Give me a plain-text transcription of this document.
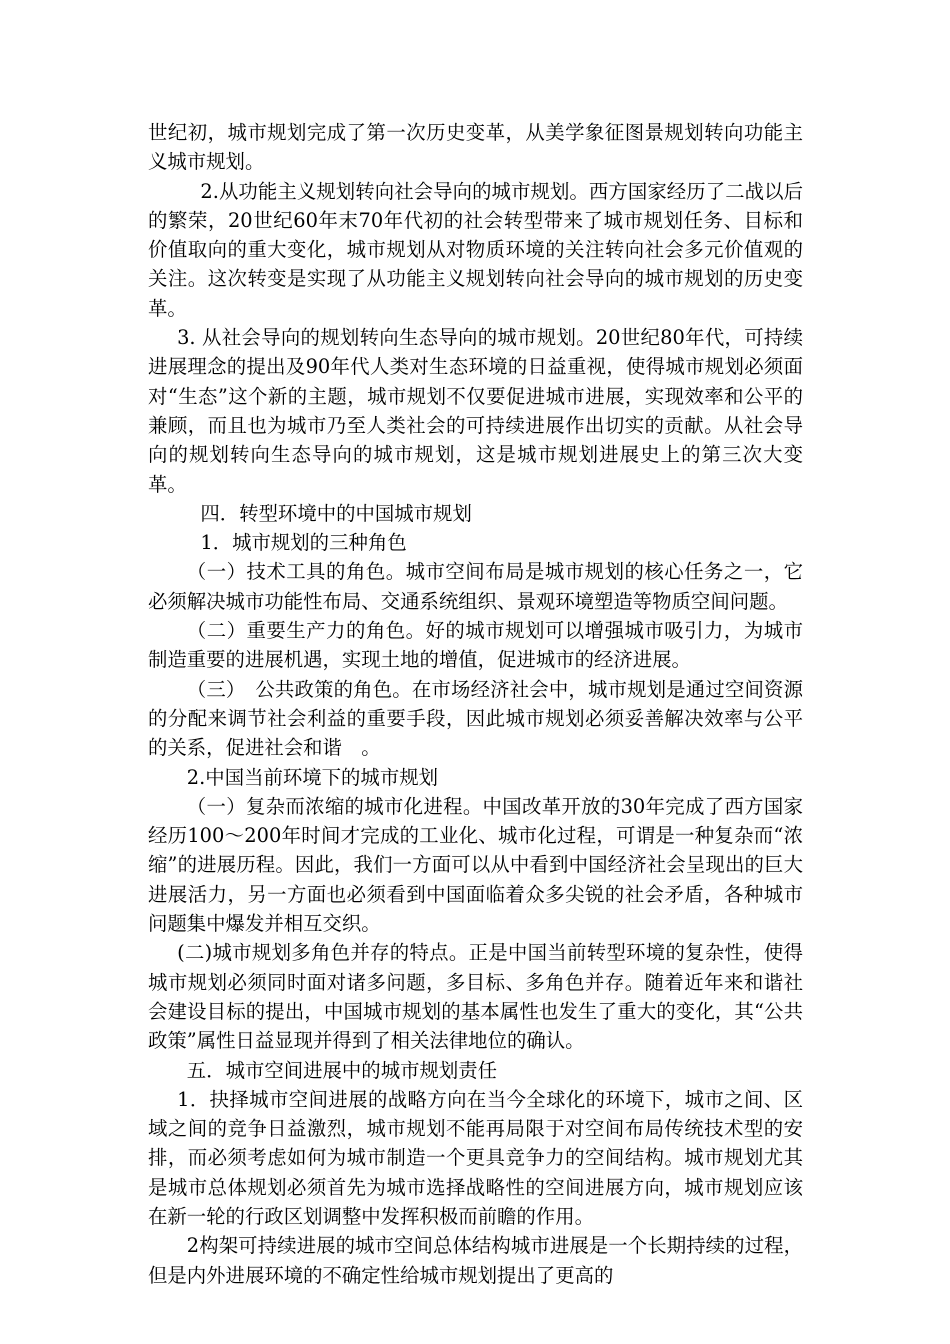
世纪初，城市规划完成了第一次历史变革，从美学象征图景规划转向功能主义城市规划。

2.从功能主义规划转向社会导向的城市规划。西方国家经历了二战以后的繁荣，20世纪60年末70年代初的社会转型带来了城市规划任务、目标和价值取向的重大变化，城市规划从对物质环境的关注转向社会多元价值观的关注。这次转变是实现了从功能主义规划转向社会导向的城市规划的历史变革。

3. 从社会导向的规划转向生态导向的城市规划。20世纪80年代，可持续进展理念的提出及90年代人类对生态环境的日益重视，使得城市规划必须面对“生态”这个新的主题，城市规划不仅要促进城市进展，实现效率和公平的兼顾，而且也为城市乃至人类社会的可持续进展作出切实的贡献。从社会导向的规划转向生态导向的城市规划，这是城市规划进展史上的第三次大变革。

四．转型环境中的中国城市规划

1．城市规划的三种角色

（一）技术工具的角色。城市空间布局是城市规划的核心任务之一，它必须解决城市功能性布局、交通系统组织、景观环境塑造等物质空间问题。

（二）重要生产力的角色。好的城市规划可以增强城市吸引力，为城市制造重要的进展机遇，实现土地的增值，促进城市的经济进展。

（三）　公共政策的角色。在市场经济社会中，城市规划是通过空间资源的分配来调节社会利益的重要手段，因此城市规划必须妥善解决效率与公平的关系，促进社会和谐　。

2.中国当前环境下的城市规划

（一）复杂而浓缩的城市化进程。中国改革开放的30年完成了西方国家经历100～200年时间才完成的工业化、城市化过程，可谓是一种复杂而“浓缩”的进展历程。因此，我们一方面可以从中看到中国经济社会呈现出的巨大进展活力，另一方面也必须看到中国面临着众多尖锐的社会矛盾，各种城市问题集中爆发并相互交织。

(二)城市规划多角色并存的特点。正是中国当前转型环境的复杂性，使得城市规划必须同时面对诸多问题，多目标、多角色并存。随着近年来和谐社会建设目标的提出，中国城市规划的基本属性也发生了重大的变化，其“公共政策”属性日益显现并得到了相关法律地位的确认。

五．城市空间进展中的城市规划责任

1．抉择城市空间进展的战略方向在当今全球化的环境下，城市之间、区域之间的竞争日益激烈，城市规划不能再局限于对空间布局传统技术型的安排，而必须考虑如何为城市制造一个更具竞争力的空间结构。城市规划尤其是城市总体规划必须首先为城市选择战略性的空间进展方向，城市规划应该在新一轮的行政区划调整中发挥积极而前瞻的作用。

2构架可持续进展的城市空间总体结构城市进展是一个长期持续的过程，但是内外进展环境的不确定性给城市规划提出了更高的
